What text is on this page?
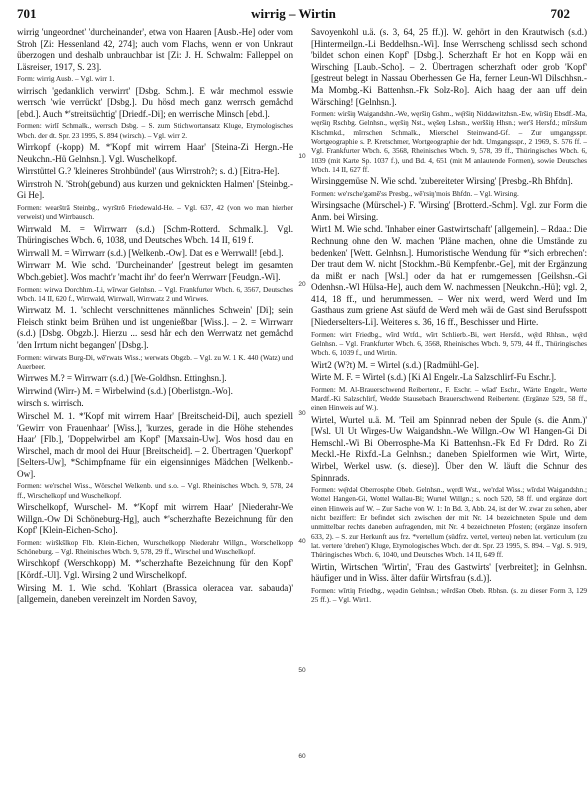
701	wirrig – Wirtin	702
wirrig 'ungeordnet' 'durcheinander', etwa von Haaren [Ausb.-He] oder vom Stroh [Zi: Hessenland 42, 274]; auch vom Flachs, wenn er von Unkraut überzogen und deshalb unbrauchbar ist [Zi: J. H. Schwalm: Falleppel on Läsreiser, 1917, S. 23].
Form: wirrig Ausb. – Vgl. wirr 1.
wirrisch 'gedanklich verwirrt' [Dsbg. Schm.]. E wår mechmol esswie werrsch 'wie verrückt' [Dsbg.]. Du hösd mech ganz werrsch gemåchd [ebd.]. Auch *'streitsüchtig' [Driedf.-Di]; en werrische Minsch [ebd.].
Formen: wirlî Schmalk., werrsch Dsbg. – S. zum Stichwortansatz Kluge, Etymologisches Wbch. der dt. Spr. 23 1995, S. 894 (wirsch). – Vgl. wirr 2.
Wirrkopf (-kopp) M. *'Kopf mit wirrem Haar' [Steina-Zi Hergn.-He Neukchn.-Hü Gelnhsn.]. Vgl. Wuschelkopf.
Wirrstüttel G.? 'kleineres Strohbündel' (aus Wirrstroh?; s. d.) [Eitra-He].
Wirrstroh N. 'Stroh(gebund) aus kurzen und geknickten Halmen' [Steinbg.-Gi He].
Formen: wearštrā Steinbg., wyrštrō Friedewald-He. – Vgl. 637, 42 (von wo man hierher verweist) und Wirrbausch.
Wirrwald M. = Wirrwarr (s.d.) [Schm-Rotterd. Schmalk.]. Vgl. Thüringisches Wbch. 6, 1038, und Deutsches Wbch. 14 II, 619 f.
Wirrwall M. = Wirrwarr (s.d.) [Welkenb.-Ow]. Dat es e Werrwall! [ebd.].
Wirrwarr M. Wie schd. 'Durcheinander' [gestreut belegt im gesamten Wbch.gebiet]. Wos macht'r 'macht ihr' do feer'n Werrwarr [Feudgn.-Wi].
Formen: wirwa Dorchhm.-Li, wīrwar Gelnhsn. – Vgl. Frankfurter Wbch. 6, 3567, Deutsches Wbch. 14 II, 620 f., Wirrwald, Wirrwall, Wirrwatz 2 und Wirwes.
Wirrwatz M. 1. 'schlecht verschnittenes männliches Schwein' [Di]; sein Fleisch stinkt beim Brühen und ist ungenießbar [Wiss.]. – 2. = Wirrwarr (s.d.) [Dsbg. Obgzb.]. Hierzu ... sesd hår ech den Werrwatz net gemåchd 'den Irrtum nicht begangen' [Dsbg.].
Formen: wirwats Burg-Di, wē'rwats Wiss.; werwats Obgzb. – Vgl. zu W. 1 K. 440 (Watz) und Auerbeer.
Wirrwes M.? = Wirrwarr (s.d.) [We-Goldhsn. Ettinghsn.].
Wirrwind (Wirr-) M. = Wirbelwind (s.d.) [Oberlistgn.-Wo].
wirsch s. wirrisch.
Wirschel M. 1. *'Kopf mit wirrem Haar' [Breitscheid-Di], auch speziell 'Gewirr von Frauenhaar' [Wiss.], 'kurzes, gerade in die Höhe stehendes Haar' [Flb.], 'Doppelwirbel am Kopf' [Maxsain-Uw]. Wos hosd dau en Wirschel, mach dr mool dei Huur [Breitscheid]. – 2. Übertragen 'Querkopf' [Selters-Uw], *Schimpfname für ein eigensinniges Mädchen [Welkenb.-Ow].
Formen: we'rschel Wiss., Wörschel Welkenb. und s.o. – Vgl. Rheinisches Wbch. 9, 578, 24 ff., Wirschelkopf und Wuschelkopf.
Wirschelkopf, Wurschel- M. *'Kopf mit wirrem Haar' [Niederahr-We Willgn.-Ow Di Schöneburg-Hg], auch *'scherzhafte Bezeichnung für den Kopf' [Klein-Eichen-Scho].
Formen: wirškšlkop Flb. Klein-Eichen, Wurschelkopp Niederahr Willgn., Worschelkopp Schöneburg. – Vgl. Rheinisches Wbch. 9, 578, 29 ff., Wirschel und Wuschelkopf.
Wirschkopf (Werschkopp) M. *'scherzhafte Bezeichnung für den Kopf' [Kördf.-Ul]. Vgl. Wirsing 2 und Wirschelkopf.
Wirsing M. 1. Wie schd. 'Kohlart (Brassica oleracea var. sabauda)' [allgemein, daneben vereinzelt im Norden Savoy,
10
20
30
40
50
60
Savoyenkohl u.ä. (s. 3, 64, 25 ff.)]. W. gehört in den Krautwisch (s.d.) [Hintermeilgn.-Li Beddelhsn.-Wi]. Inse Werrscheng schlissd sech schond 'bildet schon einen Kopf' [Dsbg.]. Scherzhaft Er hot en Kopp wäi en Wirsching [Laub.-Scho]. – 2. Übertragen scherzhaft oder grob 'Kopf' [gestreut belegt in Nassau Oberhessen Ge Ha, ferner Leun-Wl Dilschhsn.-Ma Mombg.-Ki Battenhsn.-Fk Solz-Ro]. Aich haag der aan uff dein Wärsching! [Gelnhsn.].
Formen: wiršiŋ Waigandshn.-We, węršiŋ Gshm., wę̄ršiŋ Niddawitzhsn.-Ew, wīršiŋ Ebsdf.-Ma, węršiŋ Rschbg. Gelnhsn., węršiŋ Nst., węšeŋ Lshsn., werššiŋ Hhsn.; wer'š Hersfd.; mīrsšum Klschmkd., mīrrschen Schmalk., Mierschel Steinwand-Gf. – Zur umgangsspr. Wortgeographie s. P. Kretschmer, Wortgeographie der hdt. Umgangsspr., 2 1969, S. 576 ff. – Vgl. Frankfurter Wbch. 6, 3568, Rheinisches Wbch. 9, 578, 39 ff., Thüringisches Wbch. 6, 1039 (mit Karte Sp. 1037 f.), und Bd. 4, 651 (mit M anlautende Formen), sowie Deutsches Wbch. 14 II, 627 ff.
Wirsinggemüse N. Wie schd. 'zubereiteter Wirsing' [Presbg.-Rh Bhfdn].
Formen: we'rsche'gəmē'ss Presbg., wē'rsiŋ'mois Bhfdn. – Vgl. Wirsing.
Wirsingsache (Mürschel-) F. 'Wirsing' [Brotterd.-Schm]. Vgl. zur Form die Anm. bei Wirsing.
Wirt1 M. Wie schd. 'Inhaber einer Gastwirtschaft' [allgemein]. – Rdaa.: Die Rechnung ohne den W. machen 'Pläne machen, ohne die Umstände zu bedenken' [Wett. Gelnhsn.]. Humoristische Wendung für *'sich erbrechen': Der traut dem W. nicht [Stockhm.-Bü Kempfenbr.-Ge], mit der Ergänzung da mißt er nach [Wsl.] oder da hat er rumgemessen [Geilshsn.-Gi Odenhsn.-Wl Hülsa-He], auch dem W. nachmessen [Neukchn.-Hü]; vgl. 2, 414, 18 ff., und herummessen. – Wer nix werd, werd Werd und Im Gasthaus zum griene Ast säufd de Werd meh wäi de Gast sind Berufsspott [Niederselters-Li]. Weiteres s. 36, 16 ff., Beschisser und Hirte.
Formen: wirt Friedbg., wīrd Wtfd., wīrt Schlierb.-Bi, wert Hersfd., wę̄rd Rhhsn., wę̄rd Gelnhsn. – Vgl. Frankfurter Wbch. 6, 3568, Rheinisches Wbch. 9, 579, 44 ff., Thüringisches Wbch. 6, 1039 f., und Wirtin.
Wirt2 (W?t) M. = Wirtel (s.d.) [Radmühl-Ge].
Wirte M. F. = Wirtel (s.d.) [Ki Al Engelr.-La Salzschlirf-Fu Eschr.].
Formen: M. Al-Brauerschwend Reibertenr., F. Eschr. – wīad' Eschr., Wärte Engelr., Werte Mardf.-Ki Salzschlirf, Wedde Stausebach Brauerschwend Reibertenr. (Ergänze 529, 58 ff., einen Hinweis auf W.).
Wirtel, Wurtel u.ä. M. 'Teil am Spinnrad neben der Spule (s. die Anm.)' [Wsl. Ul Ut Wirges-Uw Waigandshn.-We Willgn.-Ow Wl Hangen-Gi Di Hemschl.-Wi Bi Oberrosphe-Ma Ki Battenhsn.-Fk Ed Fr Ddrd. Ro Zi Meckl.-He Rixfd.-La Gelnhsn.; daneben Spielformen wie Wirt, Wirte, Wirbel, Werkel usw. (s. diese)]. Über den W. läuft die Schnur des Spinnrads.
Formen: wę̄rdəl Oberrosphe Obeb. Gelnhsn., węrdl Wst., we'rdəl Wiss.; wīrdəl Waigandshn.; Wottel Hangen-Gi, Wottel Wallau-Bi; Wurtel Willgn.; s. noch 520, 58 ff. und ergänze dort einen Hinweis auf W. – Zur Sache von W. 1: In Bd. 3, Abb. 24, ist der W. zwar zu sehen, aber nicht beziffert: Er befindet sich zwischen der mit Nr. 14 bezeichneten Spule und dem unmittelbar rechts daneben aufragenden, mit Nr. 4 bezeichneten Pfosten; (ergänze insofern 633, 2). – S. zur Herkunft aus frz. *vertellum (südfrz. vertel, verteu) neben lat. verticulum (zu lat. vertere 'drehen') Kluge, Etymologisches Wbch. der dt. Spr. 23 1995, S. 894. – Vgl. S. 919, Thüringisches Wbch. 6, 1040, und Deutsches Wbch. 14 II, 649 ff.
Wirtin, Wirtschen 'Wirtin', 'Frau des Gastwirts' [verbreitet]; in Gelnhsn. häufiger und in Wiss. älter dafür Wirtsfrau (s.d.)].
Formen: wīrtiŋ Friedbg., węədin Gelnhsn.; wērdšən Obeb. Rbhsn. (s. zu dieser Form 3, 129 25 ff.). – Vgl. Wirt1.
